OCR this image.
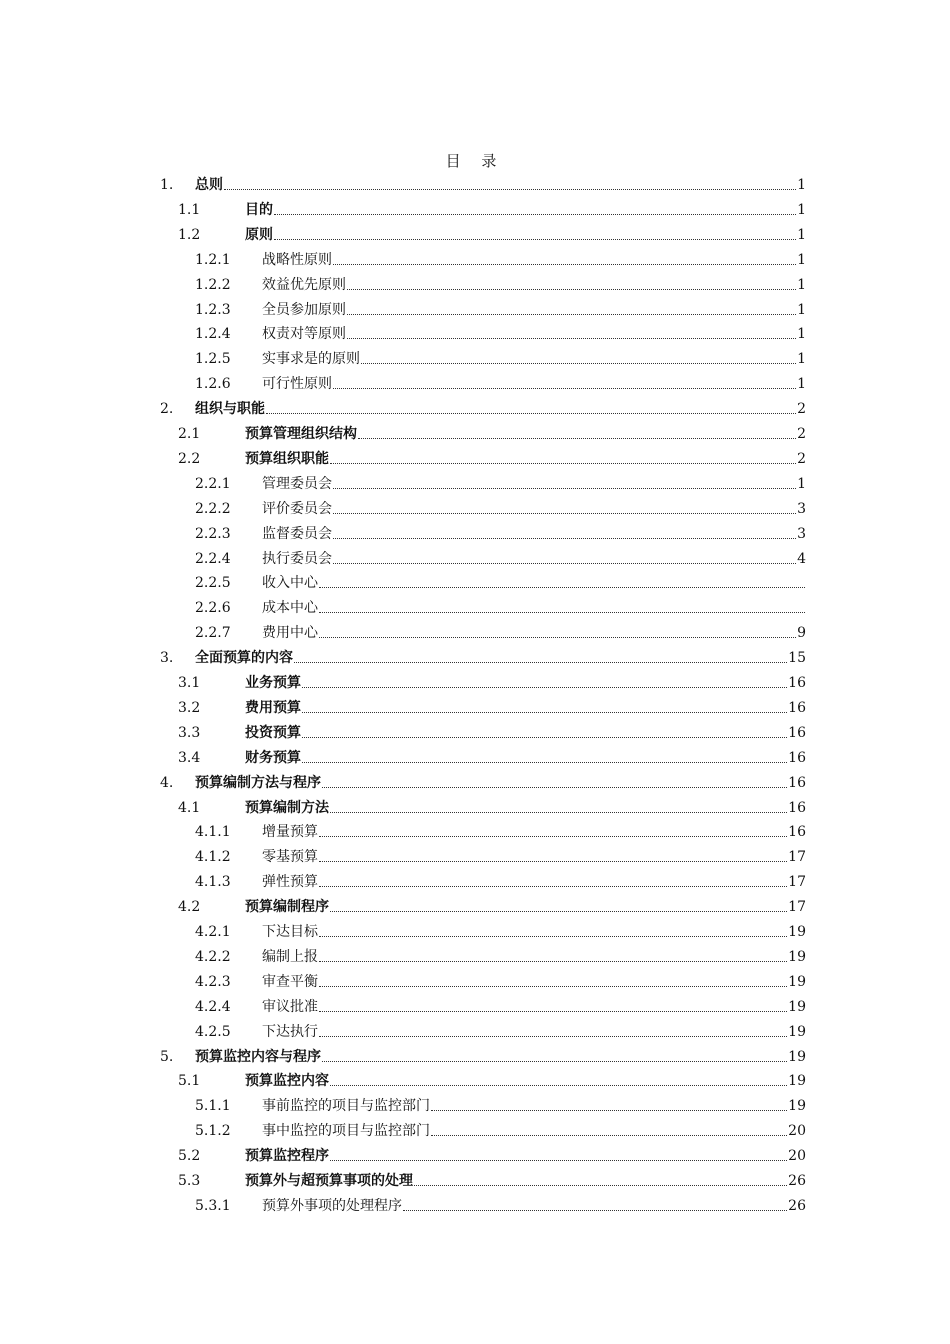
目 录
1. 总则	1
1.1	目的	1
1.2	原则	1
1.2.1 战略性原则	1
1.2.2 效益优先原则	1
1.2.3 全员参加原则	1
1.2.4 权责对等原则	1
1.2.5 实事求是的原则	1
1.2.6 可行性原则	1
2. 组织与职能	2
2.1	预算管理组织结构	2
2.2	预算组织职能	2
2.2.1 管理委员会	1
2.2.2 评价委员会	3
2.2.3 监督委员会	3
2.2.4 执行委员会	4
2.2.5 收入中心
2.2.6 成本中心
2.2.7 费用中心	9
3. 全面预算的内容	15
3.1	业务预算	16
3.2	费用预算	16
3.3	投资预算	16
3.4	财务预算	16
4. 预算编制方法与程序	16
4.1	预算编制方法	16
4.1.1 增量预算	16
4.1.2 零基预算	17
4.1.3 弹性预算	17
4.2	预算编制程序	17
4.2.1 下达目标	19
4.2.2 编制上报	19
4.2.3 审查平衡	19
4.2.4 审议批准	19
4.2.5 下达执行	19
5. 预算监控内容与程序	19
5.1	预算监控内容	19
5.1.1 事前监控的项目与监控部门	19
5.1.2 事中监控的项目与监控部门	20
5.2	预算监控程序	20
5.3	预算外与超预算事项的处理	26
5.3.1 预算外事项的处理程序	26
